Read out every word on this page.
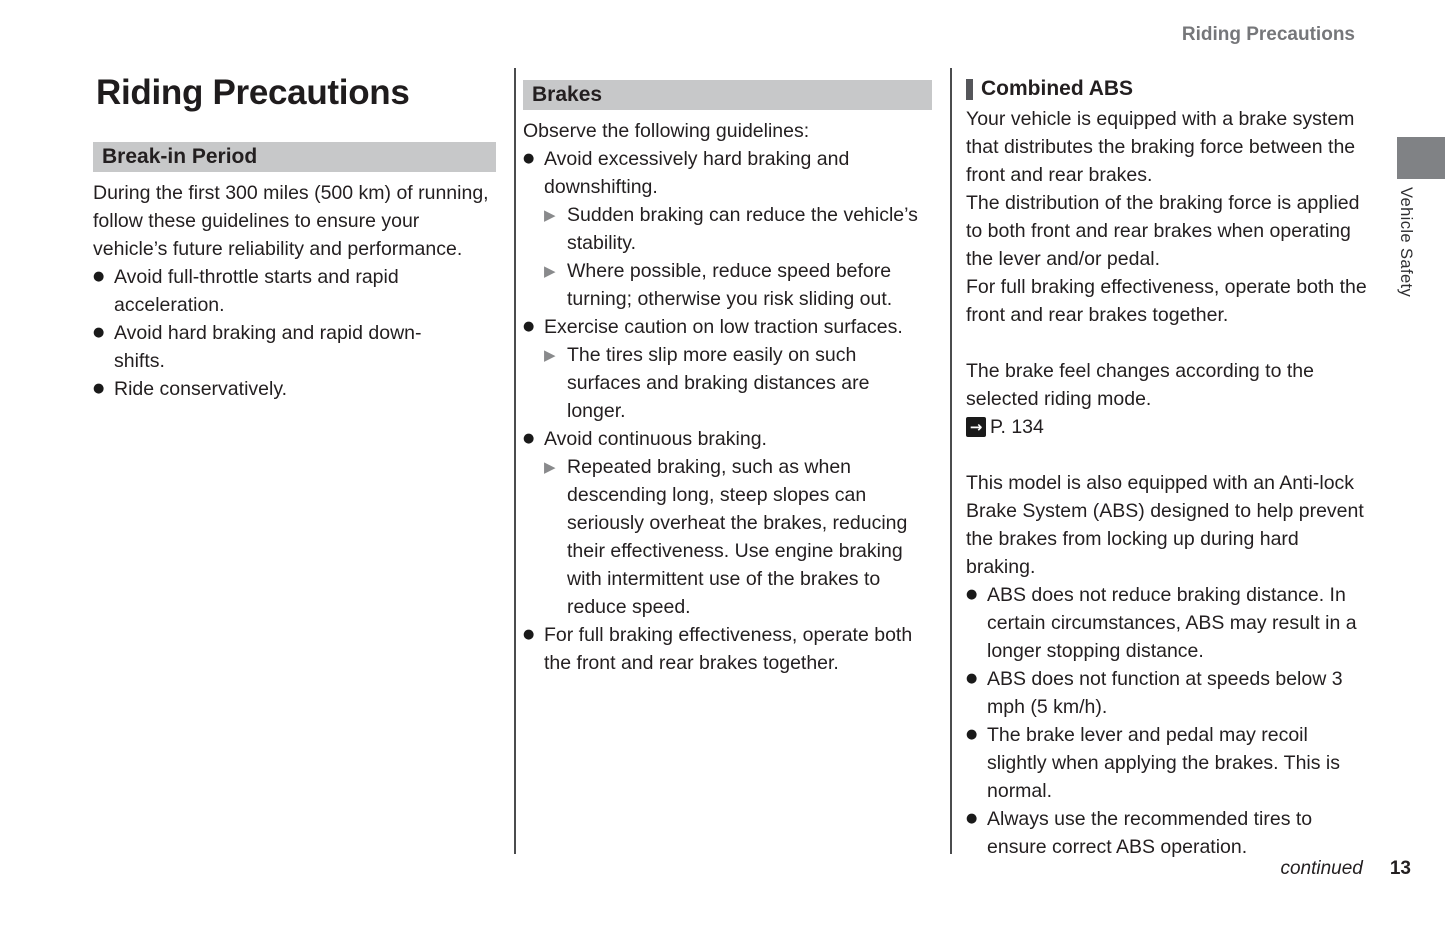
Riding Precautions
Riding Precautions
Break-in Period

During the first 300 miles (500 km) of running, follow these guidelines to ensure your vehicle’s future reliability and performance.

● Avoid full-throttle starts and rapid acceleration.
● Avoid hard braking and rapid down-
shifts.
● Ride conservatively.
Brakes

Observe the following guidelines:

● Avoid excessively hard braking and downshifting.
▶ Sudden braking can reduce the vehicle’s stability.
▶ Where possible, reduce speed before turning; otherwise you risk sliding out.
● Exercise caution on low traction surfaces.
▶ The tires slip more easily on such surfaces and braking distances are longer.
● Avoid continuous braking.
▶ Repeated braking, such as when descending long, steep slopes can seriously overheat the brakes, reducing their effectiveness. Use engine braking with intermittent use of the brakes to reduce speed.
● For full braking effectiveness, operate both the front and rear brakes together.
Combined ABS

Your vehicle is equipped with a brake system that distributes the braking force between the front and rear brakes.

The distribution of the braking force is applied to both front and rear brakes when operating the lever and/or pedal.

For full braking effectiveness, operate both the front and rear brakes together.

The brake feel changes according to the selected riding mode.

→ P. 134

This model is also equipped with an Anti-lock Brake System (ABS) designed to help prevent the brakes from locking up during hard braking.

● ABS does not reduce braking distance. In certain circumstances, ABS may result in a longer stopping distance.
● ABS does not function at speeds below 3 mph (5 km/h).
● The brake lever and pedal may recoil slightly when applying the brakes. This is normal.
● Always use the recommended tires to ensure correct ABS operation.
Vehicle Safety
continued 13
